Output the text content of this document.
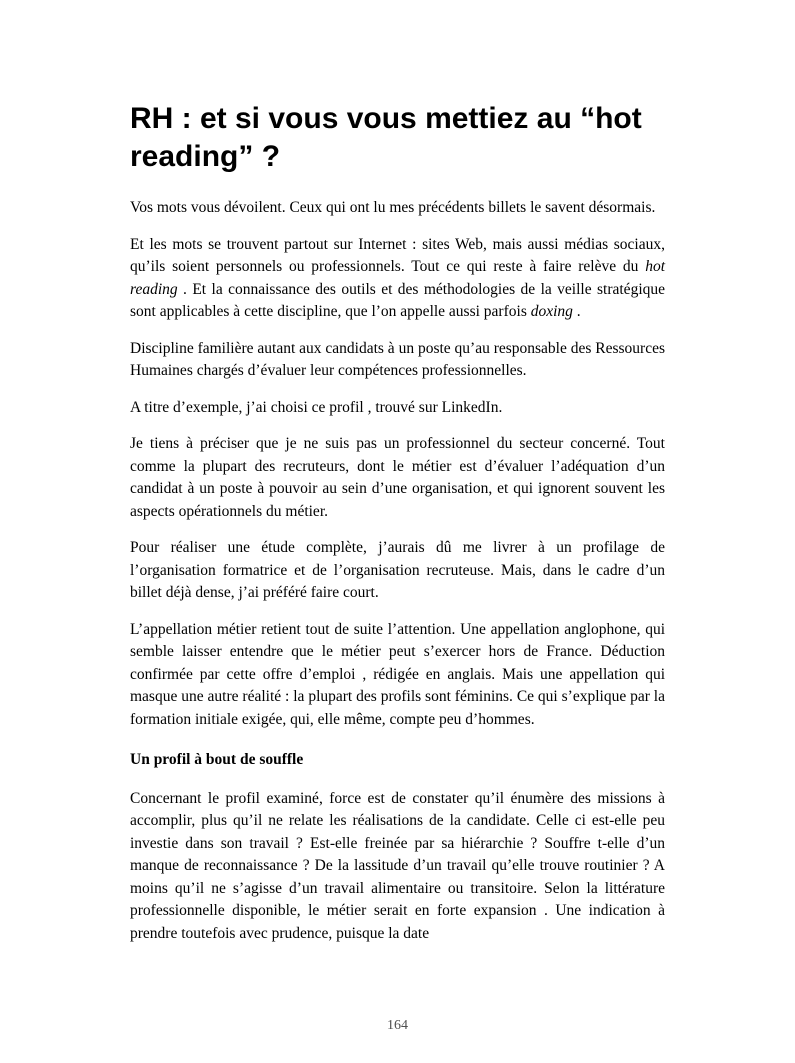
RH : et si vous vous mettiez au “hot reading” ?

Vos mots vous dévoilent. Ceux qui ont lu mes précédents billets le savent désormais.

Et les mots se trouvent partout sur Internet : sites Web, mais aussi médias sociaux, qu’ils soient personnels ou professionnels. Tout ce qui reste à faire relève du hot reading . Et la connaissance des outils et des méthodologies de la veille stratégique sont applicables à cette discipline, que l’on appelle aussi parfois doxing .

Discipline familière autant aux candidats à un poste qu’au responsable des Ressources Humaines chargés d’évaluer leur compétences professionnelles.

A titre d’exemple, j’ai choisi ce profil , trouvé sur LinkedIn.

Je tiens à préciser que je ne suis pas un professionnel du secteur concerné. Tout comme la plupart des recruteurs, dont le métier est d’évaluer l’adéquation d’un candidat à un poste à pouvoir au sein d’une organisation, et qui ignorent souvent les aspects opérationnels du métier.

Pour réaliser une étude complète, j’aurais dû me livrer à un profilage de l’organisation formatrice et de l’organisation recruteuse. Mais, dans le cadre d’un billet déjà dense, j’ai préféré faire court.

L’appellation métier retient tout de suite l’attention. Une appellation anglophone, qui semble laisser entendre que le métier peut s’exercer hors de France. Déduction confirmée par cette offre d’emploi , rédigée en anglais. Mais une appellation qui masque une autre réalité : la plupart des profils sont féminins. Ce qui s’explique par la formation initiale exigée, qui, elle même, compte peu d’hommes.

Un profil à bout de souffle

Concernant le profil examiné, force est de constater qu’il énumère des missions à accomplir, plus qu’il ne relate les réalisations de la candidate. Celle ci est-elle peu investie dans son travail ? Est-elle freinée par sa hiérarchie ? Souffre t-elle d’un manque de reconnaissance ? De la lassitude d’un travail qu’elle trouve routinier ? A moins qu’il ne s’agisse d’un travail alimentaire ou transitoire. Selon la littérature professionnelle disponible, le métier serait en forte expansion . Une indication à prendre toutefois avec prudence, puisque la date

164
